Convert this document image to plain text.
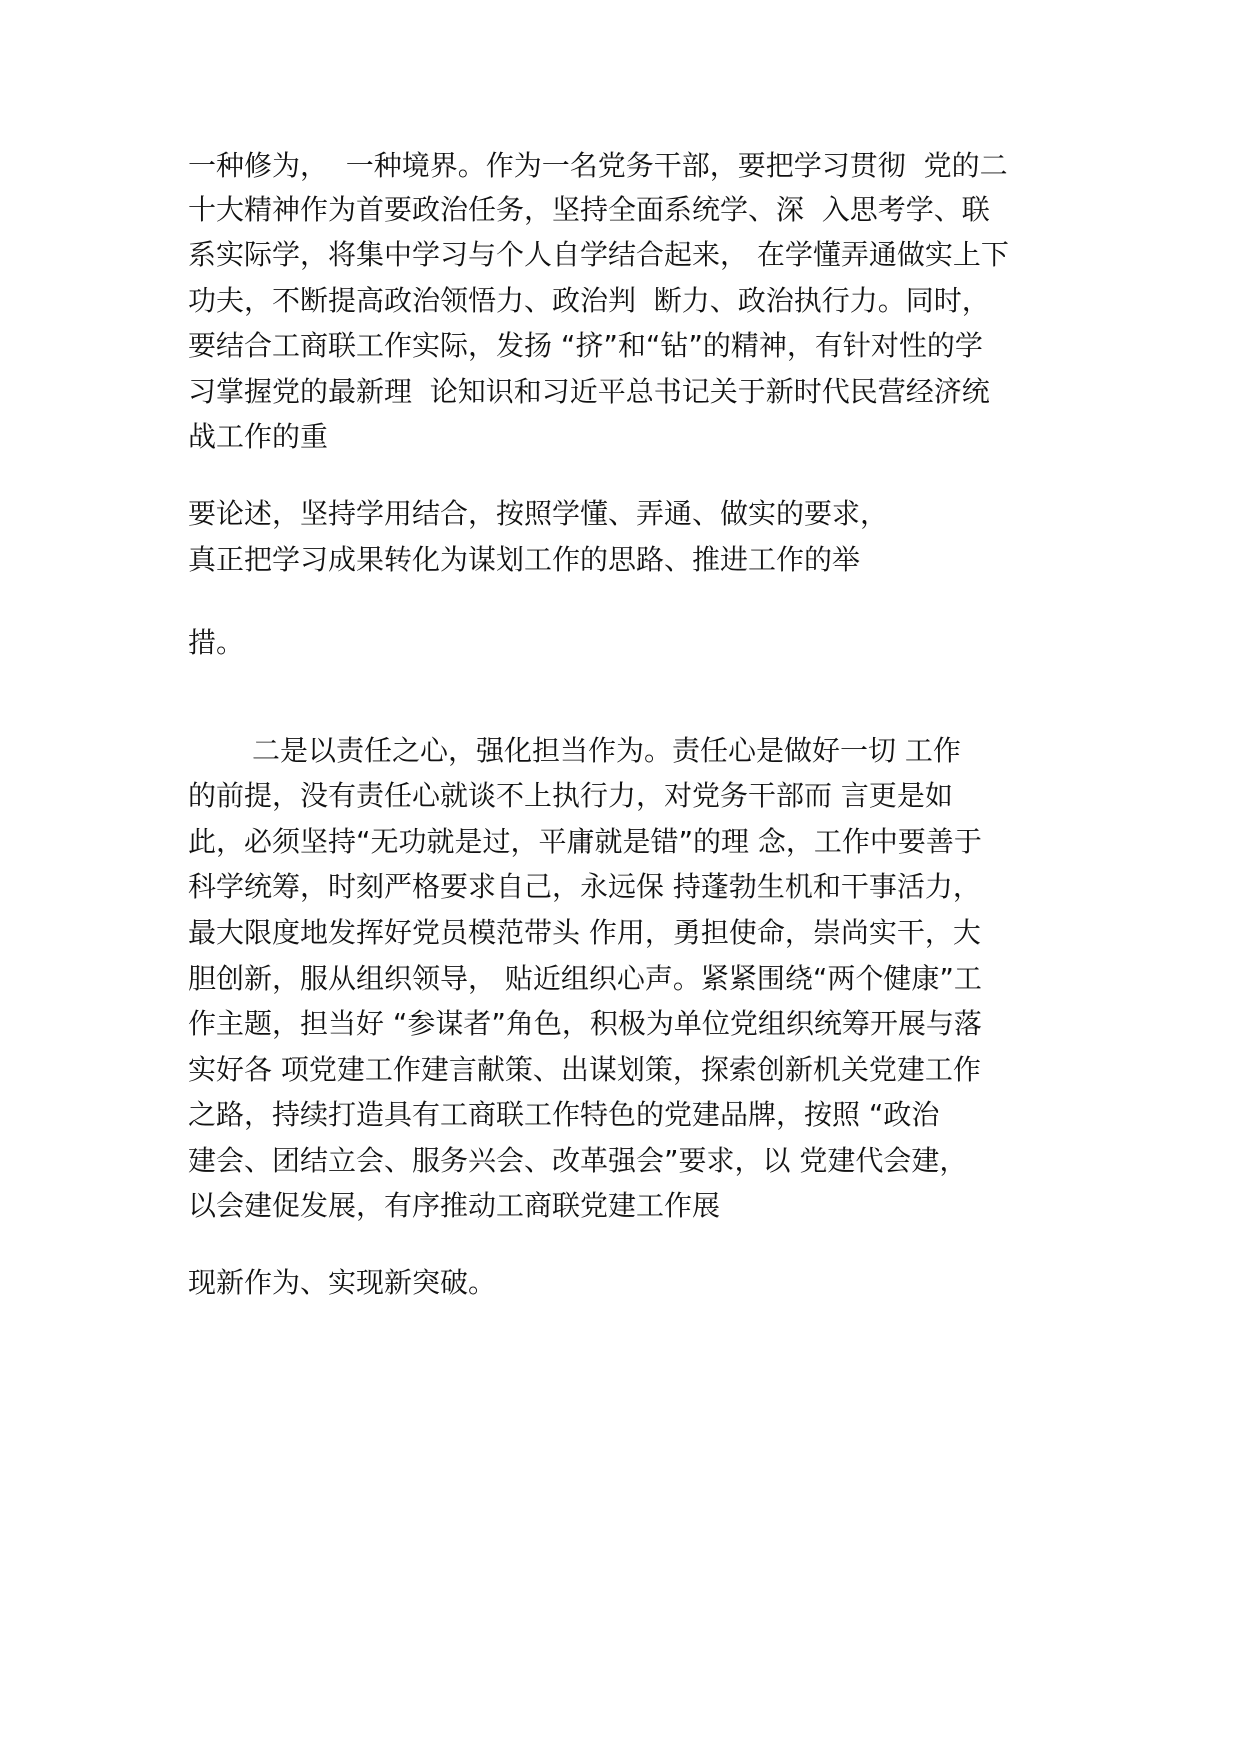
一种修为，  一种境界。作为一名党务干部，要把学习贯彻  党的二
十大精神作为首要政治任务，坚持全面系统学、深  入思考学、联
系实际学，将集中学习与个人自学结合起来， 在学懂弄通做实上下
功夫，不断提高政治领悟力、政治判  断力、政治执行力。同时，
要结合工商联工作实际，发扬 “挤”和“钻”的精神，有针对性的学
习掌握党的最新理  论知识和习近平总书记关于新时代民营经济统
战工作的重
要论述，坚持学用结合，按照学懂、弄通、做实的要求，
真正把学习成果转化为谋划工作的思路、推进工作的举
措。
二是以责任之心，强化担当作为。责任心是做好一切 工作
的前提，没有责任心就谈不上执行力，对党务干部而 言更是如
此，必须坚持“无功就是过，平庸就是错”的理 念，工作中要善于
科学统筹，时刻严格要求自己，永远保 持蓬勃生机和干事活力，
最大限度地发挥好党员模范带头 作用，勇担使命，崇尚实干，大
胆创新，服从组织领导， 贴近组织心声。紧紧围绕“两个健康”工
作主题，担当好 “参谋者”角色，积极为单位党组织统筹开展与落
实好各 项党建工作建言献策、出谋划策，探索创新机关党建工作
之路，持续打造具有工商联工作特色的党建品牌，按照 “政治
建会、团结立会、服务兴会、改革强会”要求，以 党建代会建，
以会建促发展，有序推动工商联党建工作展
现新作为、实现新突破。
